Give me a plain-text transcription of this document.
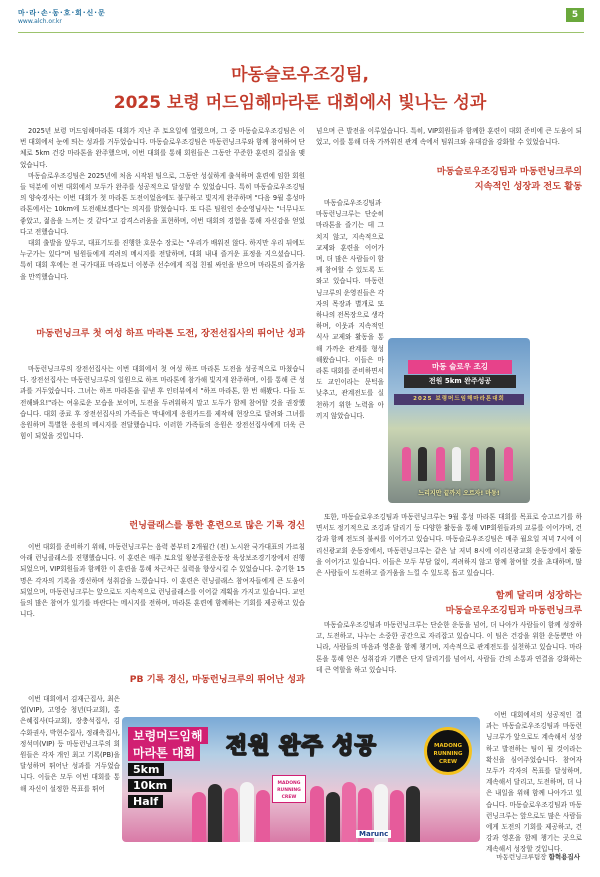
마·라·손·동·호·회·신·문
www.alch.or.kr
5
마동슬로우조깅팀,
2025 보령 머드임해마라톤 대회에서 빛나는 성과

2025년 보령 머드임해마라톤 대회가 지난 주 토요일에 열렸으며, 그 중 마동슬로우조깅팀은 이번 대회에서 눈에 띄는 성과를 거두었습니다. 마동슬로우조깅팀은 마동런닝크루와 함께 참여하여 단체로 5km 건강 마라톤을 완주했으며, 이번 대회를 통해 회원들은 그동안 꾸준한 훈련의 결실을 맺었습니다.

마동슬로우조깅팀은 2025년에 처음 시작된 팀으로, 그동안 성실하게 출석하며 훈련에 임한 회원들 덕분에 이번 대회에서 모두가 완주를 성공적으로 달성할 수 있었습니다. 특히 마동슬로우조깅팀의 양숙경사는 이번 대회가 첫 마라톤 도전이었음에도 불구하고 빛지게 완주하며 "다음 9월 홍성마라톤에서는 10km에 도전해보겠다"는 의지를 밝혔습니다. 또 다른 팀원인 송순영님사는 "너무나도 좋았고, 젊음을 느끼는 것 같다"고 감격스러움을 표현하며, 이번 대회의 경험을 통해 자신감을 얻었다고 전했습니다.

대회 출발을 앞두고, 대표기도를 진행한 호문수 장로는 "우리가 배워진 않다. 하지만 우리 뒤에도 누군가는 있다"며 팀원들에게 격려의 메시지를 전달하며, 대회 내내 즐거운 표정을 지으셨습니다. 특히 대회 후에는 전 국가대표 마라토너 이봉주 선수에게 직접 친필 싸인을 받으며 마라톤의 즐거움을 만끽했습니다.

마동런닝크루 첫 여성 하프 마라톤 도전, 장전선집사의 뛰어난 성과

마동런닝크루의 장전선집사는 이번 대회에서 첫 여성 하프 마라톤 도전을 성공적으로 마쳤습니다. 장전선집사는 마동런닝크루의 일원으로 하프 마라톤에 참가해 빛지게 완주하며, 이를 통해 큰 성과를 거두었습니다. 그녀는 하프 마라톤을 끝낸 후 인터뷰에서 "하프 마라톤, 한 번 해봤다. 다들 도전해봐요!"라는 여유로운 모습을 보이며, 도전을 두려워하지 말고 도두가 함께 참여할 것을 권장했습니다. 대회 종료 후 장전선집사의 가족들은 막내에게 응원카드를 제작해 현장으로 달려와 그녀를 응원하며 특별한 응원의 메시지를 전달했습니다. 이러한 가족들의 응원은 장전선집사에게 더욱 큰 힘이 되었을 것입니다.

런닝클래스를 통한 훈련으로 많은 기록 경신

이번 대회를 준비하기 위해, 마동런닝크루는 음력 봄부터 2개월간 (전) 노시완 국가대표의 가르침 아래 런닝클래스를 진행했습니다. 이 훈련은 매주 토요일 왕봉공원운동장 육상보조경기장에서 진행되었으며, VIP회원들과 함께한 이 훈련을 통해 차근차근 실력을 향상시킬 수 있었습니다. 총기한 15명은 각자의 기록을 갱신하며 성취감을 느꼈습니다. 이 훈련은 런닝클래스 참여자들에게 큰 도움이 되었으며, 마동런닝크루는 앞으로도 지속적으로 런닝클래스를 이어갈 계획을 가지고 있습니다. 교인들의 많은 참여가 있기를 바란다는 메시지를 전하며, 마라톤 훈련에 함께하는 기회를 제공하고 있습니다.

PB 기록 경신, 마동런닝크루의 뛰어난 성과

이번 대회에서 김재근집사, 최은엽(VIP), 고영승 청년(다교회), 홍은혜집사(다교회), 장충석집사, 김수화권사, 박현수집사, 정래축집사, 정석미(VIP) 등 마동런닝크루의 회원들은 각자 개인 최고 기록(PB)을 달성하며 뛰어난 성과를 거두었습니다. 이들은 모두 이번 대회를 통해 자신이 설정한 목표를 뛰어

넘으며 큰 발전을 이루었습니다. 특히, VIP회원들과 함께한 훈련이 대회 준비에 큰 도움이 되었고, 이를 통해 더욱 가까워진 관계 속에서 팀워크와 유대감을 강화할 수 있었습니다.

마동슬로우조깅팀과 마동런닝크루의
지속적인 성장과 전도 활동

마동슬로우조깅팀과 마동런닝크루는 단순히 마라톤을 즐기는 데 그치지 않고, 지속적으로 교제와 훈련을 이어가며, 더 많은 사람들이 함께 참여할 수 있도록 도와고 있습니다. 마동런닝크루의 운영진들은 각자의 목장과 별개로 또 하나의 전목장으로 생각하며, 이웃과 지속적인 식사 교제와 활동을 통해 가까운 관계를 형성해왔습니다. 이들은 마라톤 대회를 준비하면서도 교인이라는 문턱을 낮추고, 관계전도를 실천하기 위한 노력을 아끼지 않았습니다.

또한, 마동슬로우조깅팀과 마동런닝크루는 9월 홍성 마라톤 대회를 목표로 승고르기를 하면서도 정기적으로 조깅과 달리기 등 다양한 활동을 통해 VIP회원들과의 교류를 이어가며, 건강과 함께 전도의 불씨를 이어가고 있습니다. 마동슬로우조깅팀은 매주 월요일 저녁 7시에 이리신광교회 운동장에서, 마동런닝크루는 같은 날 저녁 8시에 이리신광교회 운동장에서 활동을 이어가고 있습니다. 이들은 모두 부담 없이, 격려하지 않고 함께 참여할 것을 초대하며, 많은 사람들이 도전하고 즐거움을 느낄 수 있도록 돕고 있습니다.

마동 슬로우 조깅
전원 5km 완주성공
2025 보령머드임해마라톤대회
느리지만 끝까지 오르자! 마동!
함께 달리며 성장하는
마동슬로우조깅팀과 마동런닝크루

마동슬로우조깅팀과 마동런닝크루는 단순한 운동을 넘어, 더 나아가 사람들이 함께 성장하고, 도전하고, 나누는 소중한 공간으로 자리잡고 있습니다. 이 팀은 건강을 위한 운동뿐만 아니라, 사람들의 마음과 영혼을 함께 챙기며, 지속적으로 관계전도를 실천하고 있습니다. 마라톤을 통해 얻은 성취감과 기쁨은 단지 달리기를 넘어서, 사람들 간의 소통과 연결을 강화하는 데 큰 역할을 하고 있습니다.

이번 대회에서의 성공적인 결과는 마동슬로우조깅팀과 마동런닝크루가 앞으로도 계속해서 성장하고 발전하는 팀이 될 것이라는 확신을 심어주었습니다. 참여자 모두가 각자의 목표를 달성하며, 계속해서 달리고, 도전하며, 더 나은 내일을 위해 함께 나아가고 있습니다. 마동슬로우조깅팀과 마동런닝크루는 앞으로도 많은 사람들에게 도전의 기회를 제공하고, 건강과 영혼을 함께 챙기는 곳으로 계속해서 성장할 것입니다.

보령머드임해
마라톤 대회
5km
10km
Half
전원 완주 성공
MADONG RUNNING CREW
MADONG RUNNING CREW
Marunc
마동런닝크루팀장 함혁용집사
